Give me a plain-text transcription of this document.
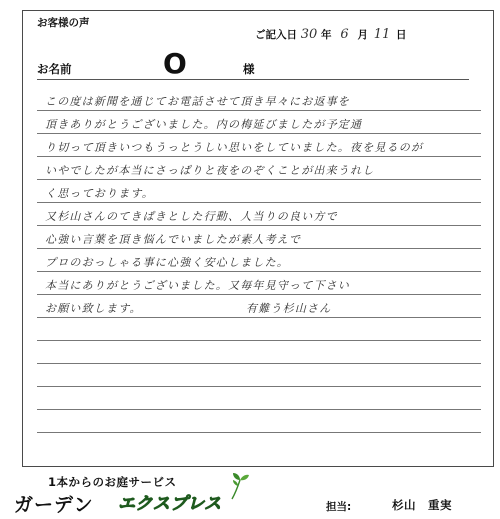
お客様の声
ご記入日 30 年 6 月 11 日
お名前	O	様
この度は新聞を通じてお電話させて頂き早々にお返事を
頂きありがとうございました。内の梅延びましたが予定通
り切って頂きいつもうっとうしい思いをしていました。夜を見るのが
いやでしたが本当にさっぱりと夜をのぞくことが出来うれし
く思っております。
又杉山さんのてきぱきとした行動、人当りの良い方で
心強い言葉を頂き悩んでいましたが素人考えで
プロのおっしゃる事に心強く安心しました。
本当にありがとうございました。又毎年見守って下さい
お願い致します。　　　　　　　　　有難う杉山さん
1本からのお庭サービス
ガーデン エクスプレス	担当:	杉山　重実
